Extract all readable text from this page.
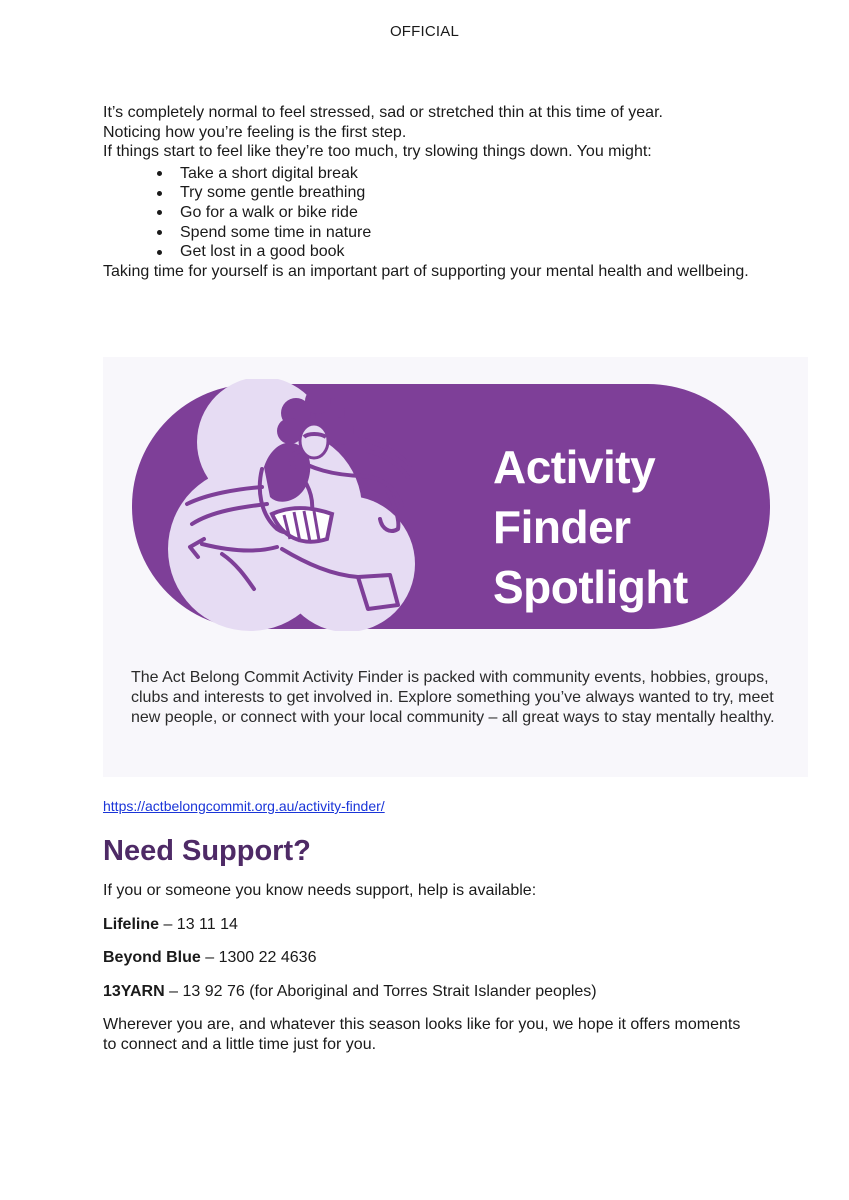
OFFICIAL

It’s completely normal to feel stressed, sad or stretched thin at this time of year.

Noticing how you’re feeling is the first step.

If things start to feel like they’re too much, try slowing things down. You might:

Take a short digital break
Try some gentle breathing
Go for a walk or bike ride
Spend some time in nature
Get lost in a good book

Taking time for yourself is an important part of supporting your mental health and wellbeing.

Activity
Finder
Spotlight
The Act Belong Commit Activity Finder is packed with community events, hobbies, groups, clubs and interests to get involved in. Explore something you’ve always wanted to try, meet new people, or connect with your local community – all great ways to stay mentally healthy.
https://actbelongcommit.org.au/activity-finder/
Need Support?

If you or someone you know needs support, help is available:

Lifeline – 13 11 14

Beyond Blue – 1300 22 4636

13YARN – 13 92 76 (for Aboriginal and Torres Strait Islander peoples)

Wherever you are, and whatever this season looks like for you, we hope it offers moments to connect and a little time just for you.
